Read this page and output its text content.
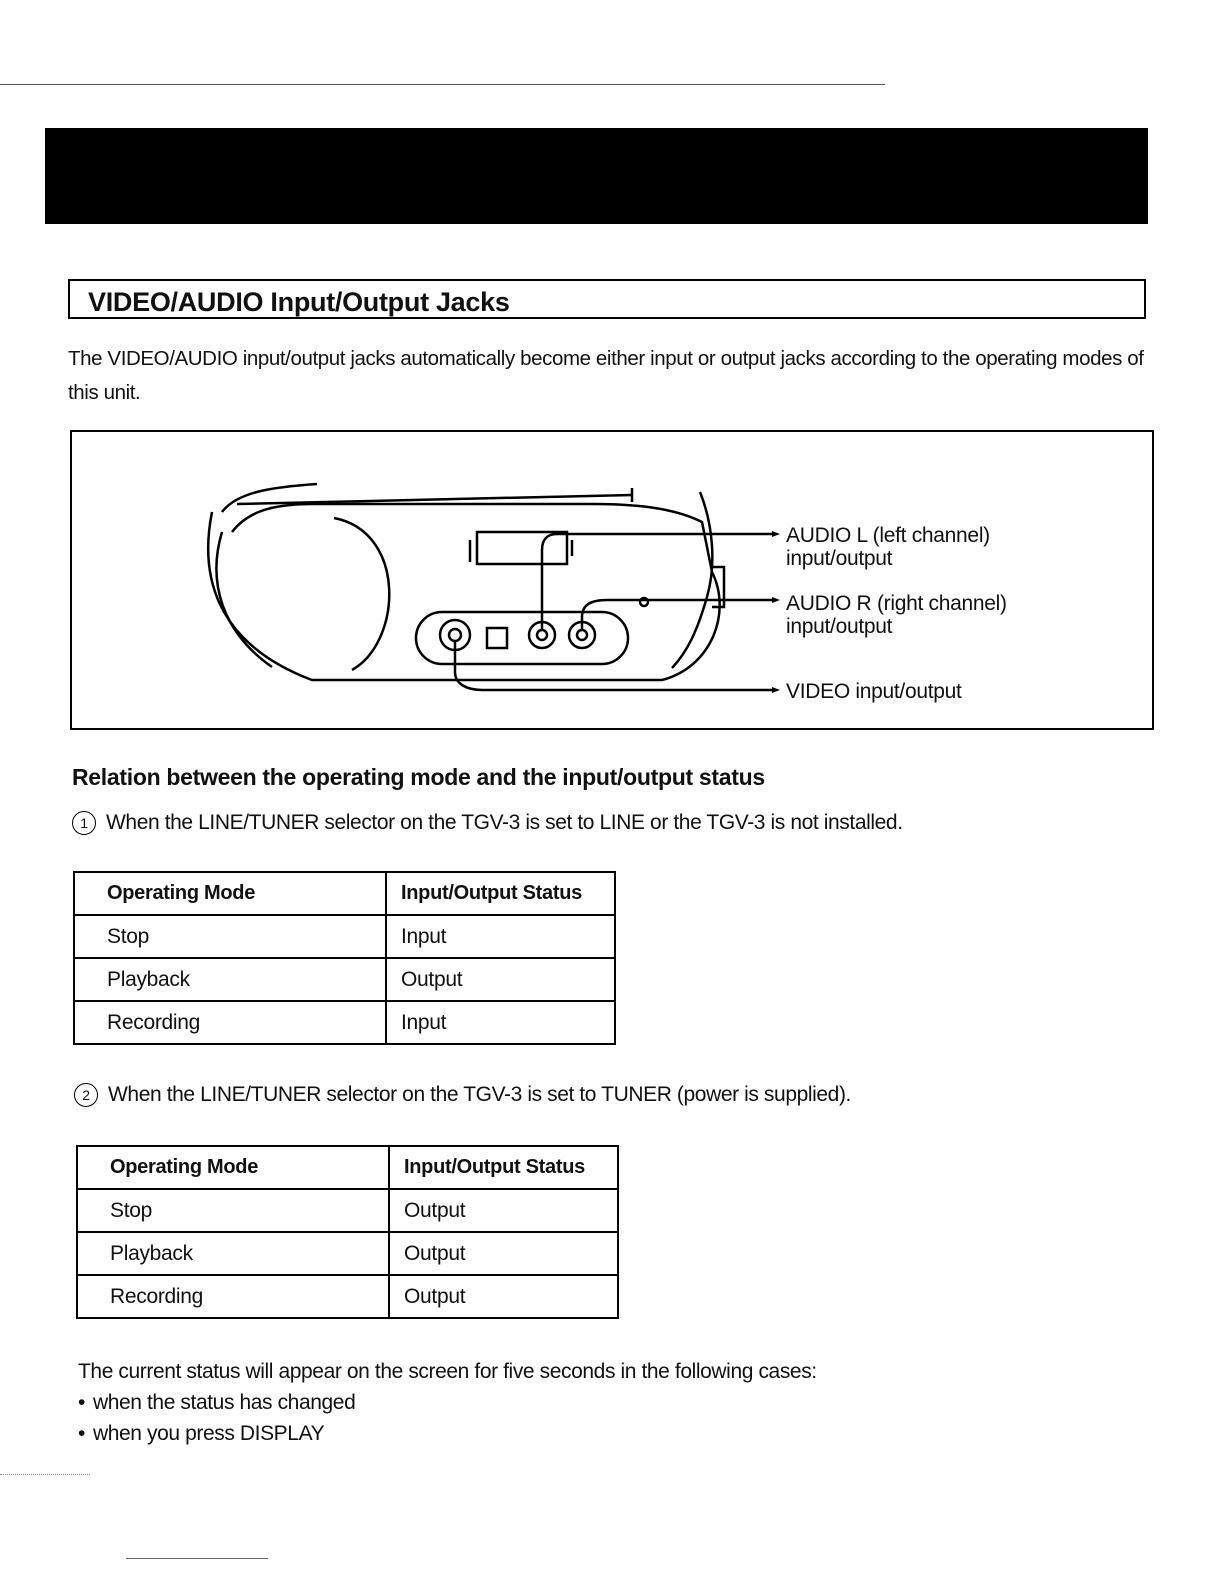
VIDEO/AUDIO Input/Output Jacks

The VIDEO/AUDIO input/output jacks automatically become either input or output jacks according to the operating modes of this unit.

AUDIO L (left channel)
input/output
AUDIO R (right channel)
input/output
VIDEO input/output
Relation between the operating mode and the input/output status
1 When the LINE/TUNER selector on the TGV-3 is set to LINE or the TGV-3 is not installed.
Operating Mode	Input/Output Status
Stop	Input
Playback	Output
Recording	Input
2 When the LINE/TUNER selector on the TGV-3 is set to TUNER (power is supplied).
Operating Mode	Input/Output Status
Stop	Output
Playback	Output
Recording	Output
The current status will appear on the screen for five seconds in the following cases:
• when the status has changed
• when you press DISPLAY
